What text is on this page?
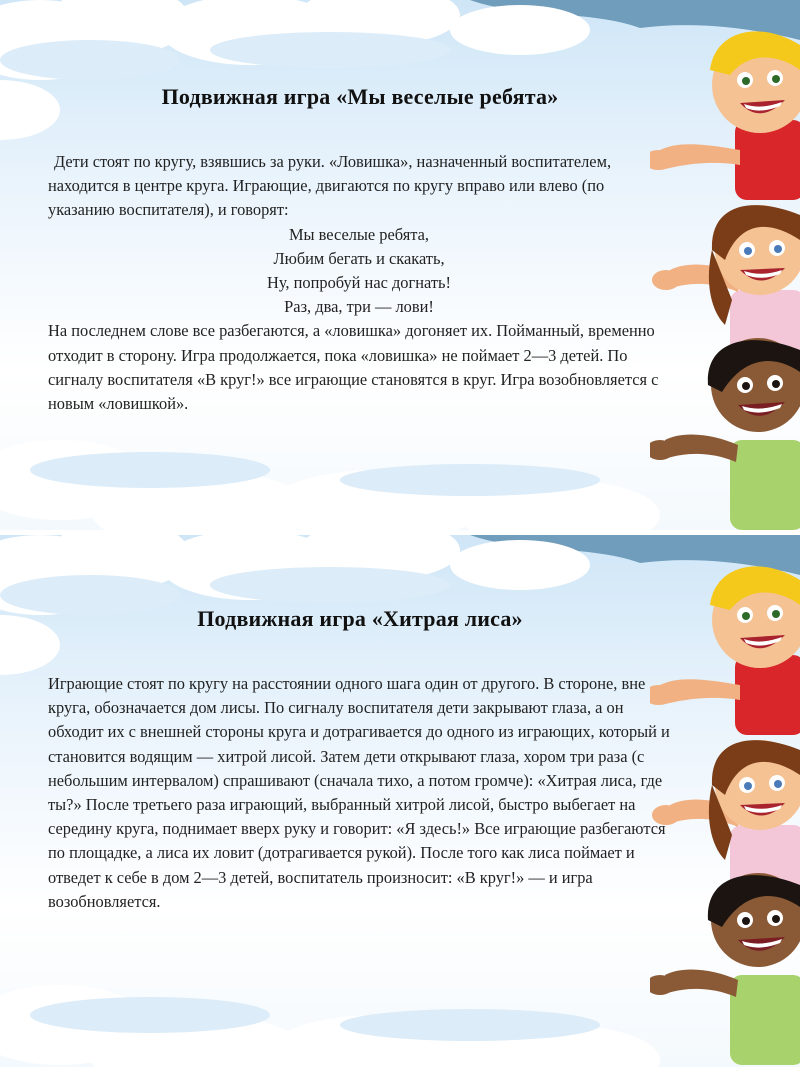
Подвижная игра «Мы веселые ребята»

Дети стоят по кругу, взявшись за руки. «Ловишка», назначенный воспитателем, находится в центре круга. Играющие, двигаются по кругу вправо или влево (по указанию воспитателя), и говорят:

Мы веселые ребята,
Любим бегать и скакать,
Ну, попробуй нас догнать!
Раз, два, три — лови!

На последнем слове все разбегаются, а «ловишка» догоняет их. Пойманный, временно отходит в сторону. Игра продолжается, пока «ловишка» не поймает 2—3 детей. По сигналу воспитателя «В круг!» все играющие становятся в круг. Игра возобновляется с новым «ловишкой».

Подвижная игра «Хитрая лиса»

Играющие стоят по кругу на расстоянии одного шага один от другого. В стороне, вне круга, обозначается дом лисы. По сигналу воспитателя дети закрывают глаза, а он обходит их с внешней стороны круга и дотрагивается до одного из играющих, который и становится водящим — хитрой лисой. Затем дети открывают глаза, хором три раза (с небольшим интервалом) спрашивают (сначала тихо, а потом громче): «Хитрая лиса, где ты?» После третьего раза играющий, выбранный хитрой лисой, быстро выбегает на середину круга, поднимает вверх руку и говорит: «Я здесь!» Все играющие разбегаются по площадке, а лиса их ловит (дотрагивается рукой). После того как лиса поймает и отведет к себе в дом 2—3 детей, воспитатель произносит: «В круг!» — и игра возобновляется.
